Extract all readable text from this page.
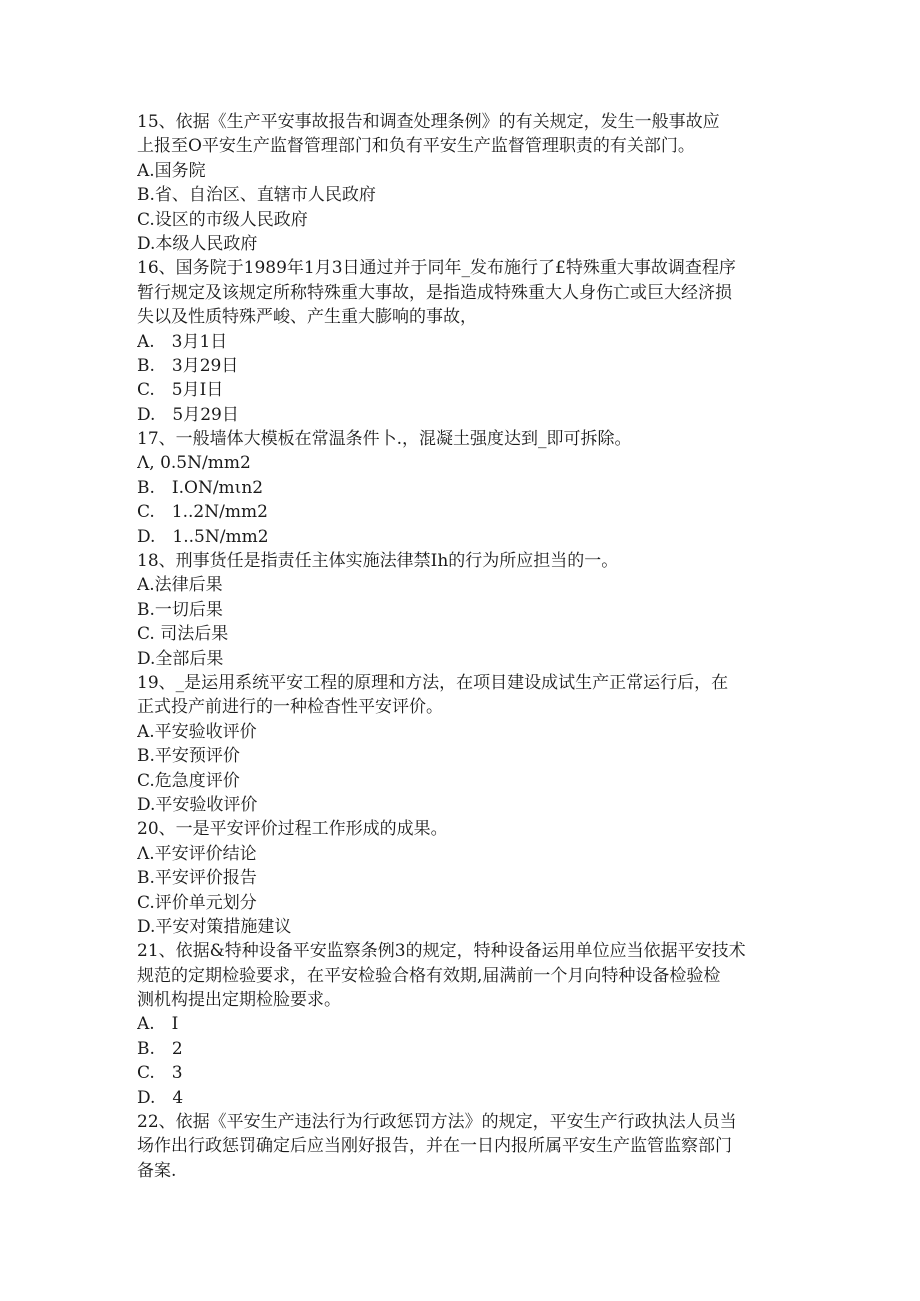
15、依据《生产平安事故报告和调查处理条例》的有关规定，发生一般事故应
上报至O平安生产监督管理部门和负有平安生产监督管理职责的有关部门。
A.国务院
B.省、自治区、直辖市人民政府
C.设区的市级人民政府
D.本级人民政府
16、国务院于1989年1月3日通过并于同年_发布施行了£特殊重大事故调查程序
暂行规定及该规定所称特殊重大事故，是指造成特殊重大人身伤亡或巨大经济损
失以及性质特殊严峻、产生重大膨响的事故，
A.　3月1日
B.　3月29日
C.　5月I日
D.　5月29日
17、一般墙体大模板在常温条件卜.，混凝土强度达到_即可拆除。
Λ, 0.5N/mm2
B.　I.ON/mιn2
C.　1..2N/mm2
D.　1..5N/mm2
18、刑事货任是指责任主体实施法律禁Ih的行为所应担当的一。
A.法律后果
B.一切后果
C. 司法后果
D.全部后果
19、_是运用系统平安工程的原理和方法，在项目建设成试生产正常运行后，在
正式投产前进行的一种检杳性平安评价。
A.平安验收评价
B.平安预评价
C.危急度评价
D.平安验收评价
20、一是平安评价过程工作形成的成果。
Λ.平安评价结论
B.平安评价报告
C.评价单元划分
D.平安对策措施建议
21、依据&特种设备平安监察条例3的规定，特种设备运用单位应当依据平安技术
规范的定期检验要求，在平安检验合格有效期,届满前一个月向特种设备检验检
测机构提出定期检脸要求。
A.　I
B.　2
C.　3
D.　4
22、依据《平安生产违法行为行政惩罚方法》的规定，平安生产行政执法人员当
场作出行政惩罚确定后应当刚好报告，并在一日内报所属平安生产监管监察部门
备案.
